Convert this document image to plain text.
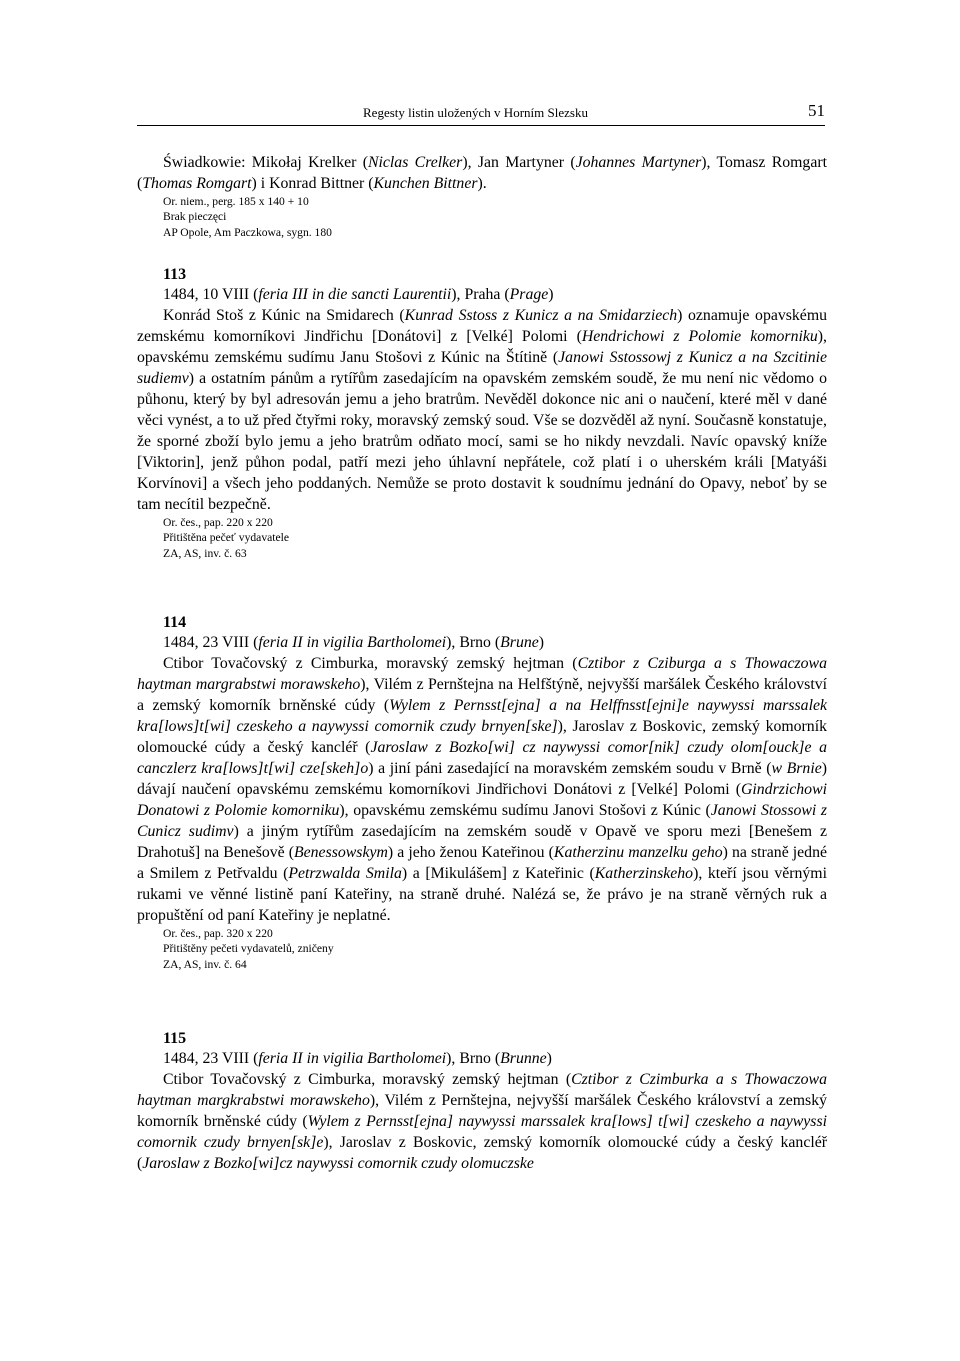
Regesty listin uložených v Horním Slezsku	51

Świadkowie: Mikołaj Krelker (Niclas Crelker), Jan Martyner (Johannes Martyner), Tomasz Romgart (Thomas Romgart) i Konrad Bittner (Kunchen Bittner).

Or. niem., perg. 185 x 140 + 10

Brak pieczęci

AP Opole, Am Paczkowa, sygn. 180

113

1484, 10 VIII (feria III in die sancti Laurentii), Praha (Prage)

Konrád Stoš z Kúnic na Smidarech (Kunrad Sstoss z Kunicz a na Smidarziech) oznamuje opavskému zemskému komorníkovi Jindřichu [Donátovi] z [Velké] Polomi (Hendrichowi z Polomie komorniku), opavskému zemskému sudímu Janu Stošovi z Kúnic na Štítině (Janowi Sstossowj z Kunicz a na Szcitinie sudiemv) a ostatním pánům a rytířům zasedajícím na opavském zemském soudě, že mu není nic vědomo o půhonu, který by byl adresován jemu a jeho bratrům. Nevěděl dokonce nic ani o naučení, které měl v dané věci vynést, a to už před čtyřmi roky, moravský zemský soud. Vše se dozvěděl až nyní. Současně konstatuje, že sporné zboží bylo jemu a jeho bratrům odňato mocí, sami se ho nikdy nevzdali. Navíc opavský kníže [Viktorin], jenž půhon podal, patří mezi jeho úhlavní nepřátele, což platí i o uherském králi [Matyáši Korvínovi] a všech jeho poddaných. Nemůže se proto dostavit k soudnímu jednání do Opavy, neboť by se tam necítil bezpečně.

Or. čes., pap. 220 x 220

Přitištěna pečeť vydavatele

ZA, AS, inv. č. 63

114

1484, 23 VIII (feria II in vigilia Bartholomei), Brno (Brune)

Ctibor Tovačovský z Cimburka, moravský zemský hejtman (Cztibor z Cziburga a s Thowaczowa haytman margrabstwi morawskeho), Vilém z Pernštejna na Helfštýně, nejvyšší maršálek Českého království a zemský komorník brněnské cúdy (Wylem z Pernsst[ejna] a na Helffnsst[ejni]e naywyssi marssalek kra[lows]t[wi] czeskeho a naywyssi comornik czudy brnyen[ske]), Jaroslav z Boskovic, zemský komorník olomoucké cúdy a český kancléř (Jaroslaw z Bozko[wi] cz naywyssi comor[nik] czudy olom[ouck]e a canczlerz kra[lows]t[wi] cze[skeh]o) a jiní páni zasedající na moravském zemském soudu v Brně (w Brnie) dávají naučení opavskému zemskému komorníkovi Jindřichovi Donátovi z [Velké] Polomi (Gindrzichowi Donatowi z Polomie komorniku), opavskému zemskému sudímu Janovi Stošovi z Kúnic (Janowi Stossowi z Cunicz sudimv) a jiným rytířům zasedajícím na zemském soudě v Opavě ve sporu mezi [Benešem z Drahotuš] na Benešově (Benessowskym) a jeho ženou Kateřinou (Katherzinu manzelku geho) na straně jedné a Smilem z Petřvaldu (Petrzwalda Smila) a [Mikulášem] z Kateřinic (Katherzinskeho), kteří jsou věrnými rukami ve věnné listině paní Kateřiny, na straně druhé. Nalézá se, že právo je na straně věrných ruk a propuštění od paní Kateřiny je neplatné.

Or. čes., pap. 320 x 220

Přitištěny pečeti vydavatelů, zničeny

ZA, AS, inv. č. 64

115

1484, 23 VIII (feria II in vigilia Bartholomei), Brno (Brunne)

Ctibor Tovačovský z Cimburka, moravský zemský hejtman (Cztibor z Czimburka a s Thowaczowa haytman margkrabstwi morawskeho), Vilém z Pernštejna, nejvyšší maršálek Českého království a zemský komorník brněnské cúdy (Wylem z Pernsst[ejna] naywyssi marssalek kra[lows] t[wi] czeskeho a naywyssi comornik czudy brnyen[sk]e), Jaroslav z Boskovic, zemský komorník olomoucké cúdy a český kancléř (Jaroslaw z Bozko[wi]cz naywyssi comornik czudy olomuczske
